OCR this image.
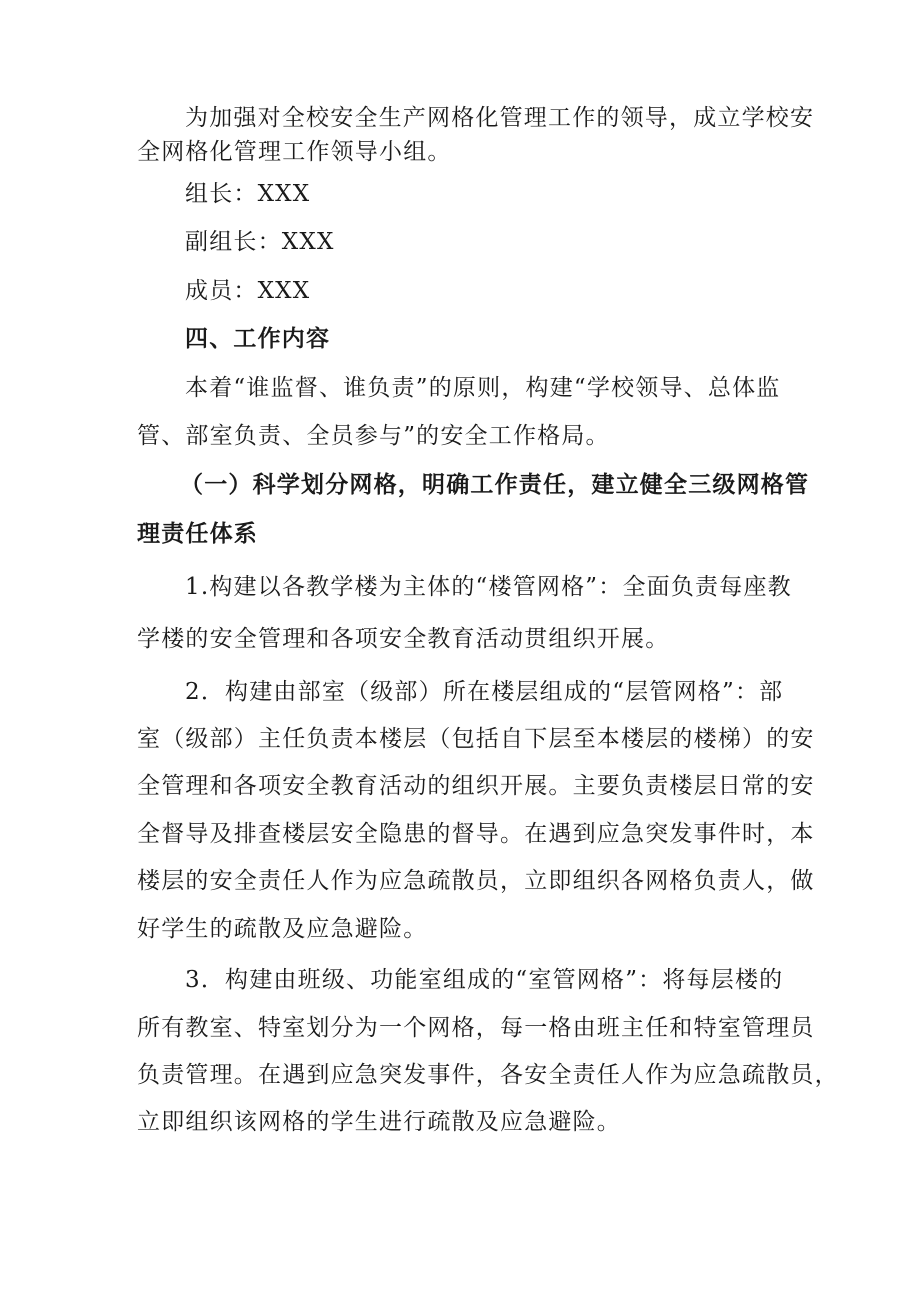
为加强对全校安全生产网格化管理工作的领导，成立学校安

全网格化管理工作领导小组。

组长：XXX

副组长：XXX

成员：XXX

四、工作内容

本着“谁监督、谁负责”的原则，构建“学校领导、总体监

管、部室负责、全员参与”的安全工作格局。

（一）科学划分网格，明确工作责任，建立健全三级网格管

理责任体系

1.构建以各教学楼为主体的“楼管网格”：全面负责每座教

学楼的安全管理和各项安全教育活动贯组织开展。

2．构建由部室（级部）所在楼层组成的“层管网格”：部

室（级部）主任负责本楼层（包括自下层至本楼层的楼梯）的安

全管理和各项安全教育活动的组织开展。主要负责楼层日常的安

全督导及排查楼层安全隐患的督导。在遇到应急突发事件时，本

楼层的安全责任人作为应急疏散员，立即组织各网格负责人，做

好学生的疏散及应急避险。

3．构建由班级、功能室组成的“室管网格”：将每层楼的

所有教室、特室划分为一个网格，每一格由班主任和特室管理员

负责管理。在遇到应急突发事件，各安全责任人作为应急疏散员，

立即组织该网格的学生进行疏散及应急避险。
